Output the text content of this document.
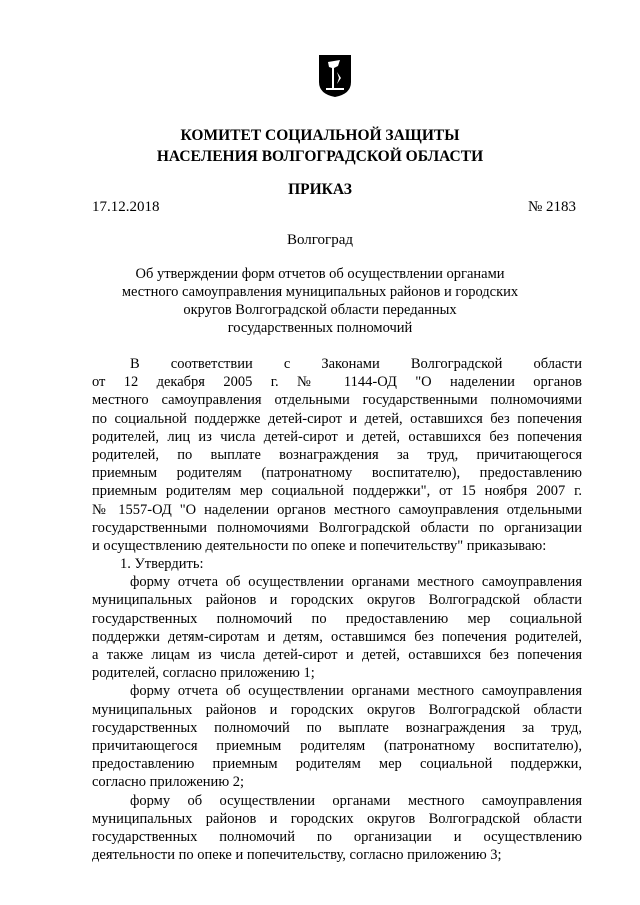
КОМИТЕТ СОЦИАЛЬНОЙ ЗАЩИТЫ
НАСЕЛЕНИЯ ВОЛГОГРАДСКОЙ ОБЛАСТИ
ПРИКАЗ
17.12.2018	№ 2183
Волгоград
Об утверждении форм отчетов об осуществлении органами
местного самоуправления муниципальных районов и городских
округов Волгоградской области переданных
государственных полномочий
В соответствии с Законами Волгоградской области
от 12 декабря 2005 г. № 1144-ОД "О наделении органов
местного самоуправления отдельными государственными полномочиями
по социальной поддержке детей-сирот и детей, оставшихся без попечения
родителей, лиц из числа детей-сирот и детей, оставшихся без попечения
родителей, по выплате вознаграждения за труд, причитающегося
приемным родителям (патронатному воспитателю), предоставлению
приемным родителям мер социальной поддержки", от 15 ноября 2007 г.
№ 1557-ОД "О наделении органов местного самоуправления отдельными
государственными полномочиями Волгоградской области по организации
и осуществлению деятельности по опеке и попечительству" приказываю:
1. Утвердить:
форму отчета об осуществлении органами местного самоуправления
муниципальных районов и городских округов Волгоградской области
государственных полномочий по предоставлению мер социальной
поддержки детям-сиротам и детям, оставшимся без попечения родителей,
а также лицам из числа детей-сирот и детей, оставшихся без попечения
родителей, согласно приложению 1;
форму отчета об осуществлении органами местного самоуправления
муниципальных районов и городских округов Волгоградской области
государственных полномочий по выплате вознаграждения за труд,
причитающегося приемным родителям (патронатному воспитателю),
предоставлению приемным родителям мер социальной поддержки,
согласно приложению 2;
форму об осуществлении органами местного самоуправления
муниципальных районов и городских округов Волгоградской области
государственных полномочий по организации и осуществлению
деятельности по опеке и попечительству, согласно приложению 3;
